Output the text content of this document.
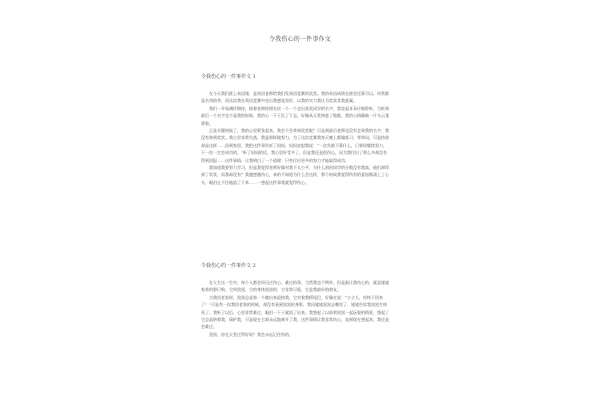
令我伤心的一件事作文
令我伤心的一件事作文 1

在今天我们班上英语课，是英语老师给我们发英语竞赛的奖状。我的英语成绩在班里还算可以，经常都是名列前茅，而这次我在英语竞赛中也自我感觉良好，以我的实力我认为奖状非我莫属。

我们一开始满怀期待，接着老师按照名次一个一个念出获奖同学的名字，我竖起耳朵仔细聆听，当听到最后一个名字也不是我的时候，我的心一下子沉了下去，好像从天堂掉进了地狱，我的心情像被一片乌云笼罩着。

正是关键时候了，我的心里紧张起来，我会不会拿到奖状呢？可是到最后老师也没有念到我的名字，我没有拿到奖状。我心里非常失落，我是那样地努力，为了这次竞赛我每天晚上都做练习，背单词，可是结果却是这样……回到家里，我把这件事告诉了妈妈，妈妈安慰我说：“一次失败不算什么，只要你继续努力，下一次一定会成功的。”听了妈妈的话，我心里好受多了。但是我还是很伤心，因为我付出了那么多却没有得到回报……这件事情，让我明白了一个道理：只有付出更多的努力才能取得成功。

我知道我要努力学习，但是我觉得老师好像对我不太公平，为什么别的同学的分数没有我高，他们却得到了奖状，而我却没有？我越想越伤心，真的不知道为什么会这样，那个时候我觉得所有的委屈都涌上了心头，眼泪止不住地流了下来……一想起这件事我就觉得伤心。

令我伤心的一件事作文 2

在人生这一生中，每个人都会经历过伤心、难过的事，当然我也不例外。但是最让我伤心的，就是姥姥家养的那只狗。它叫黑黑，它的身体黑黑的，它非常可爱，它是我最好的朋友。

当我回老家时，黑黑总是第一个跑出来迎接我，它对着我摇尾巴，好像在说：“小主人，你终于回来了！”可是有一次我回老家的时候，却没有看到黑黑的身影，我问姥姥黑黑去哪里了，姥姥告诉我黑黑生病死了。我听了以后，心里非常难过，眼泪一下子就流了出来。我想起了以前和黑黑一起玩耍的情景，想起了它总是陪着我，保护我，可是现在它却永远地离开了我。这件事情让我非常伤心，直到现在想起来，我还是会难过。

黑黑，你在天堂过得好吗？我会永远记住你的。
